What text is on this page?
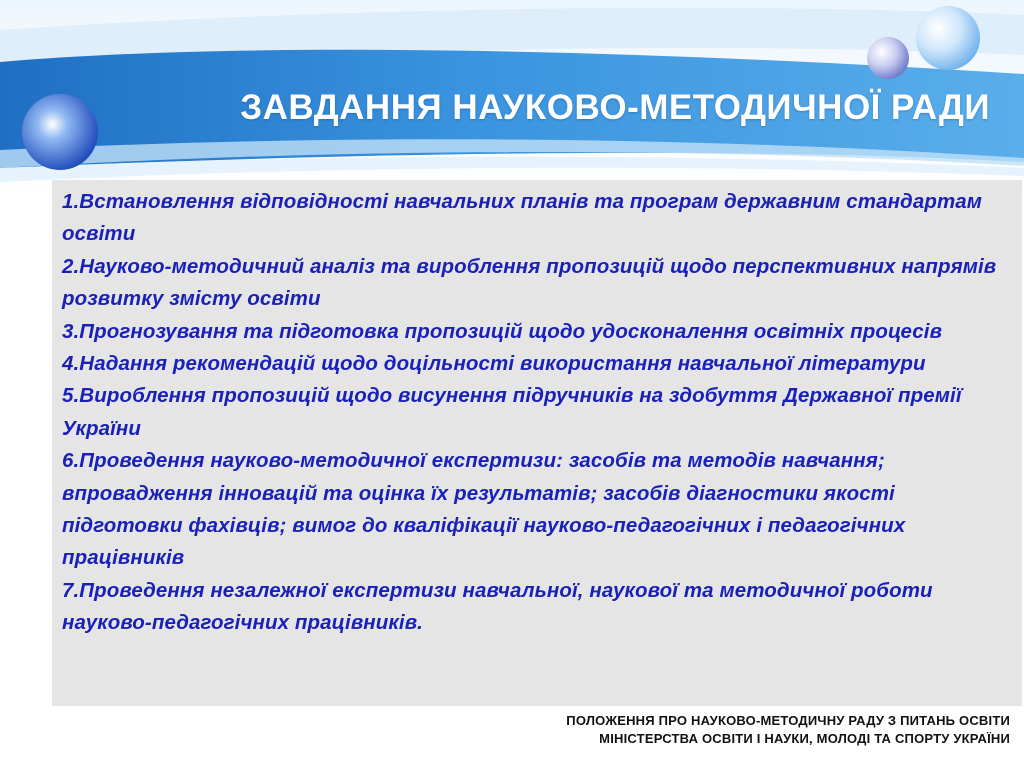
ЗАВДАННЯ НАУКОВО-МЕТОДИЧНОЇ РАДИ
1.Встановлення відповідності навчальних планів та програм державним стандартам освіти
2.Науково-методичний аналіз та вироблення пропозицій щодо перспективних напрямів розвитку змісту освіти
3.Прогнозування та підготовка пропозицій щодо удосконалення освітніх процесів
4.Надання рекомендацій щодо доцільності використання навчальної літератури
5.Вироблення пропозицій щодо висунення підручників на здобуття Державної премії України
6.Проведення науково-методичної експертизи: засобів та методів навчання; впровадження інновацій та оцінка їх результатів; засобів діагностики якості підготовки фахівців; вимог до кваліфікації науково-педагогічних і педагогічних працівників
7.Проведення незалежної експертизи навчальної, наукової та методичної роботи науково-педагогічних працівників.
ПОЛОЖЕННЯ ПРО НАУКОВО-МЕТОДИЧНУ РАДУ З ПИТАНЬ ОСВІТИ
МІНІСТЕРСТВА ОСВІТИ І НАУКИ, МОЛОДІ ТА СПОРТУ УКРАЇНИ
